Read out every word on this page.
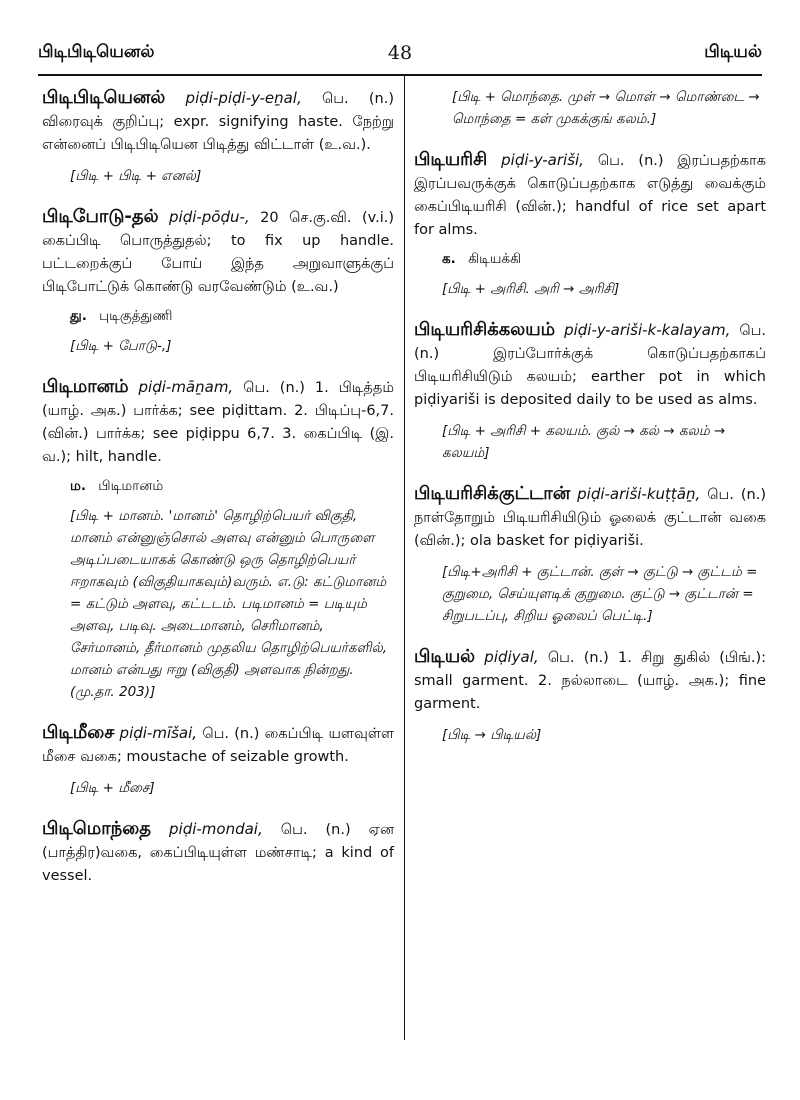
பிடிபிடியெனல்	48	பிடியல்
பிடிபிடியெனல் piḍi-piḍi-y-eṉal, பெ. (n.) விரைவுக் குறிப்பு; expr. signifying haste. நேற்று என்னைப் பிடிபிடியென பிடித்து விட்டாள் (உ.வ.).
[பிடி + பிடி + எனல்]
பிடிபோடு-தல் piḍi-pōḍu-, 20 செ.கு.வி. (v.i.) கைப்பிடி பொருத்துதல்; to fix up handle. பட்டறைக்குப் போய் இந்த அறுவாளுக்குப் பிடிபோட்டுக் கொண்டு வரவேண்டும் (உ.வ.)
து. புடிகுத்துணி
[பிடி + போடு-,]
பிடிமானம் piḍi-māṉam, பெ. (n.) 1. பிடித்தம் (யாழ். அக.) பார்க்க; see piḍittam. 2. பிடிப்பு-6,7. (வின்.) பார்க்க; see piḍippu 6,7. 3. கைப்பிடி (இ. வ.); hilt, handle.
ம. பிடிமானம்
[பிடி + மானம். 'மானம்' தொழிற்பெயர் விகுதி, மானம் என்னுஞ்சொல் அளவு என்னும் பொருளை அடிப்படையாகக் கொண்டு ஒரு தொழிற்பெயர் ஈறாகவும் (விகுதியாகவும்)வரும். எ.டு: கட்டுமானம் = கட்டும் அளவு, கட்டடம். படிமானம் = படியும் அளவு, படிவு. அடைமானம், செரிமானம், சேர்மானம், தீர்மானம் முதலிய தொழிற்பெயர்களில், மானம் என்பது ஈறு (விகுதி) அளவாக நின்றது. (மு.தா. 203)]
பிடிமீசை piḍi-mīšai, பெ. (n.) கைப்பிடி யளவுள்ள மீசை வகை; moustache of seizable growth.
[பிடி + மீசை]
பிடிமொந்தை piḍi-mondai, பெ. (n.) ஏன (பாத்திர)வகை, கைப்பிடியுள்ள மண்சாடி; a kind of vessel.
[பிடி + மொந்தை. முள் → மொள் → மொண்டை → மொந்தை = கள் முகக்குங் கலம்.]
பிடியரிசி piḍi-y-ariši, பெ. (n.) இரப்பதற்காக இரப்பவருக்குக் கொடுப்பதற்காக எடுத்து வைக்கும் கைப்பிடியரிசி (வின்.); handful of rice set apart for alms.
க. கிடியக்கி
[பிடி + அரிசி. அரி → அரிசி]
பிடியரிசிக்கலயம் piḍi-y-ariši-k-kalayam, பெ. (n.) இரப்போர்க்குக் கொடுப்பதற்காகப் பிடியரிசியிடும் கலயம்; earther pot in which piḍiyariši is deposited daily to be used as alms.
[பிடி + அரிசி + கலயம். குல் → கல் → கலம் → கலயம்]
பிடியரிசிக்குட்டான் piḍi-ariši-kuṭṭāṉ, பெ. (n.) நாள்தோறும் பிடியரிசியிடும் ஓலைக் குட்டான் வகை (வின்.); ola basket for piḍiyariši.
[பிடி+அரிசி + குட்டான். குள் → குட்டு → குட்டம் = குறுமை, செய்யுளடிக் குறுமை. குட்டு → குட்டான் = சிறுபடப்பு, சிறிய ஓலைப் பெட்டி.]
பிடியல் piḍiyal, பெ. (n.) 1. சிறு துகில் (பிங்.): small garment. 2. நல்லாடை (யாழ். அக.); fine garment.
[பிடி → பிடியல்]
